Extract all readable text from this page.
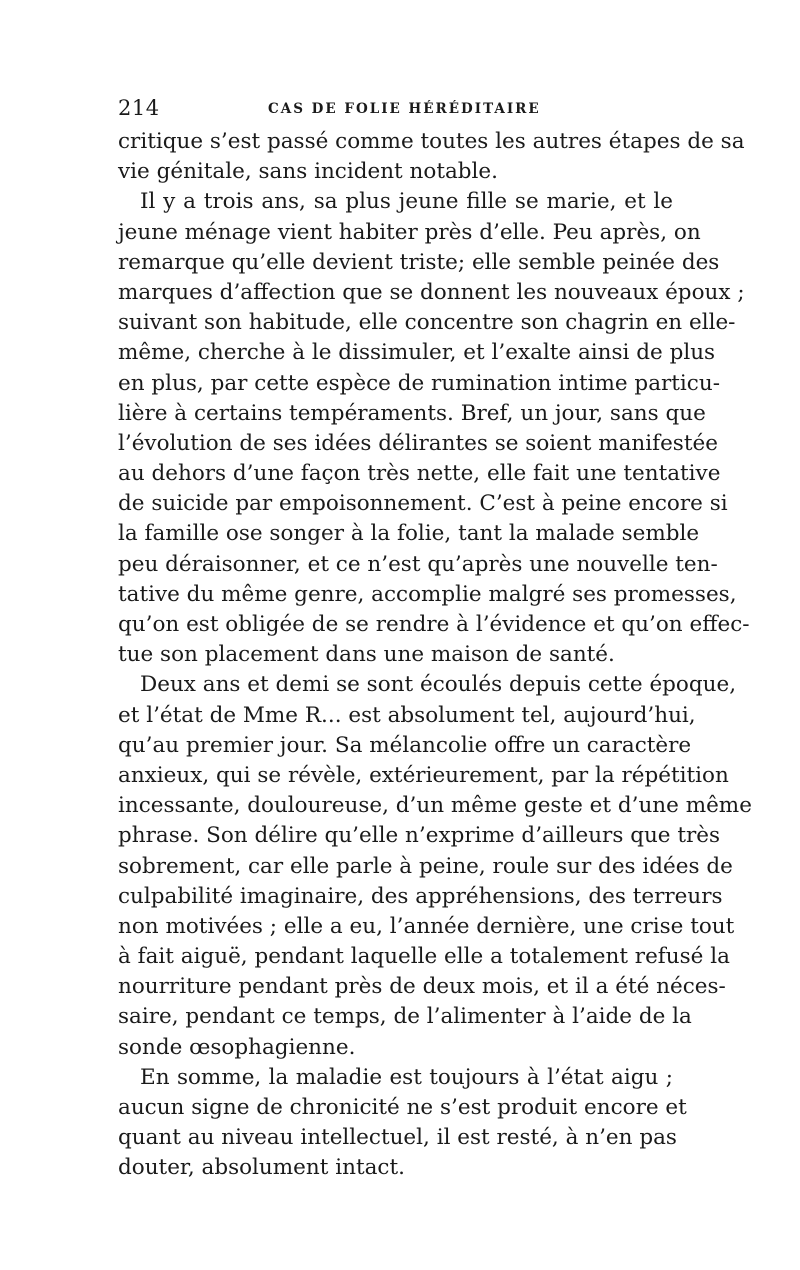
214	CAS DE FOLIE HÉRÉDITAIRE
critique s’est passé comme toutes les autres étapes de sa
vie génitale, sans incident notable.
Il y a trois ans, sa plus jeune fille se marie, et le
jeune ménage vient habiter près d’elle. Peu après, on
remarque qu’elle devient triste; elle semble peinée des
marques d’affection que se donnent les nouveaux époux ;
suivant son habitude, elle concentre son chagrin en elle-
même, cherche à le dissimuler, et l’exalte ainsi de plus
en plus, par cette espèce de rumination intime particu-
lière à certains tempéraments. Bref, un jour, sans que
l’évolution de ses idées délirantes se soient manifestée
au dehors d’une façon très nette, elle fait une tentative
de suicide par empoisonnement. C’est à peine encore si
la famille ose songer à la folie, tant la malade semble
peu déraisonner, et ce n’est qu’après une nouvelle ten-
tative du même genre, accomplie malgré ses promesses,
qu’on est obligée de se rendre à l’évidence et qu’on effec-
tue son placement dans une maison de santé.
Deux ans et demi se sont écoulés depuis cette époque,
et l’état de Mme R... est absolument tel, aujourd’hui,
qu’au premier jour. Sa mélancolie offre un caractère
anxieux, qui se révèle, extérieurement, par la répétition
incessante, douloureuse, d’un même geste et d’une même
phrase. Son délire qu’elle n’exprime d’ailleurs que très
sobrement, car elle parle à peine, roule sur des idées de
culpabilité imaginaire, des appréhensions, des terreurs
non motivées ; elle a eu, l’année dernière, une crise tout
à fait aiguë, pendant laquelle elle a totalement refusé la
nourriture pendant près de deux mois, et il a été néces-
saire, pendant ce temps, de l’alimenter à l’aide de la
sonde œsophagienne.
En somme, la maladie est toujours à l’état aigu ;
aucun signe de chronicité ne s’est produit encore et
quant au niveau intellectuel, il est resté, à n’en pas
douter, absolument intact.
